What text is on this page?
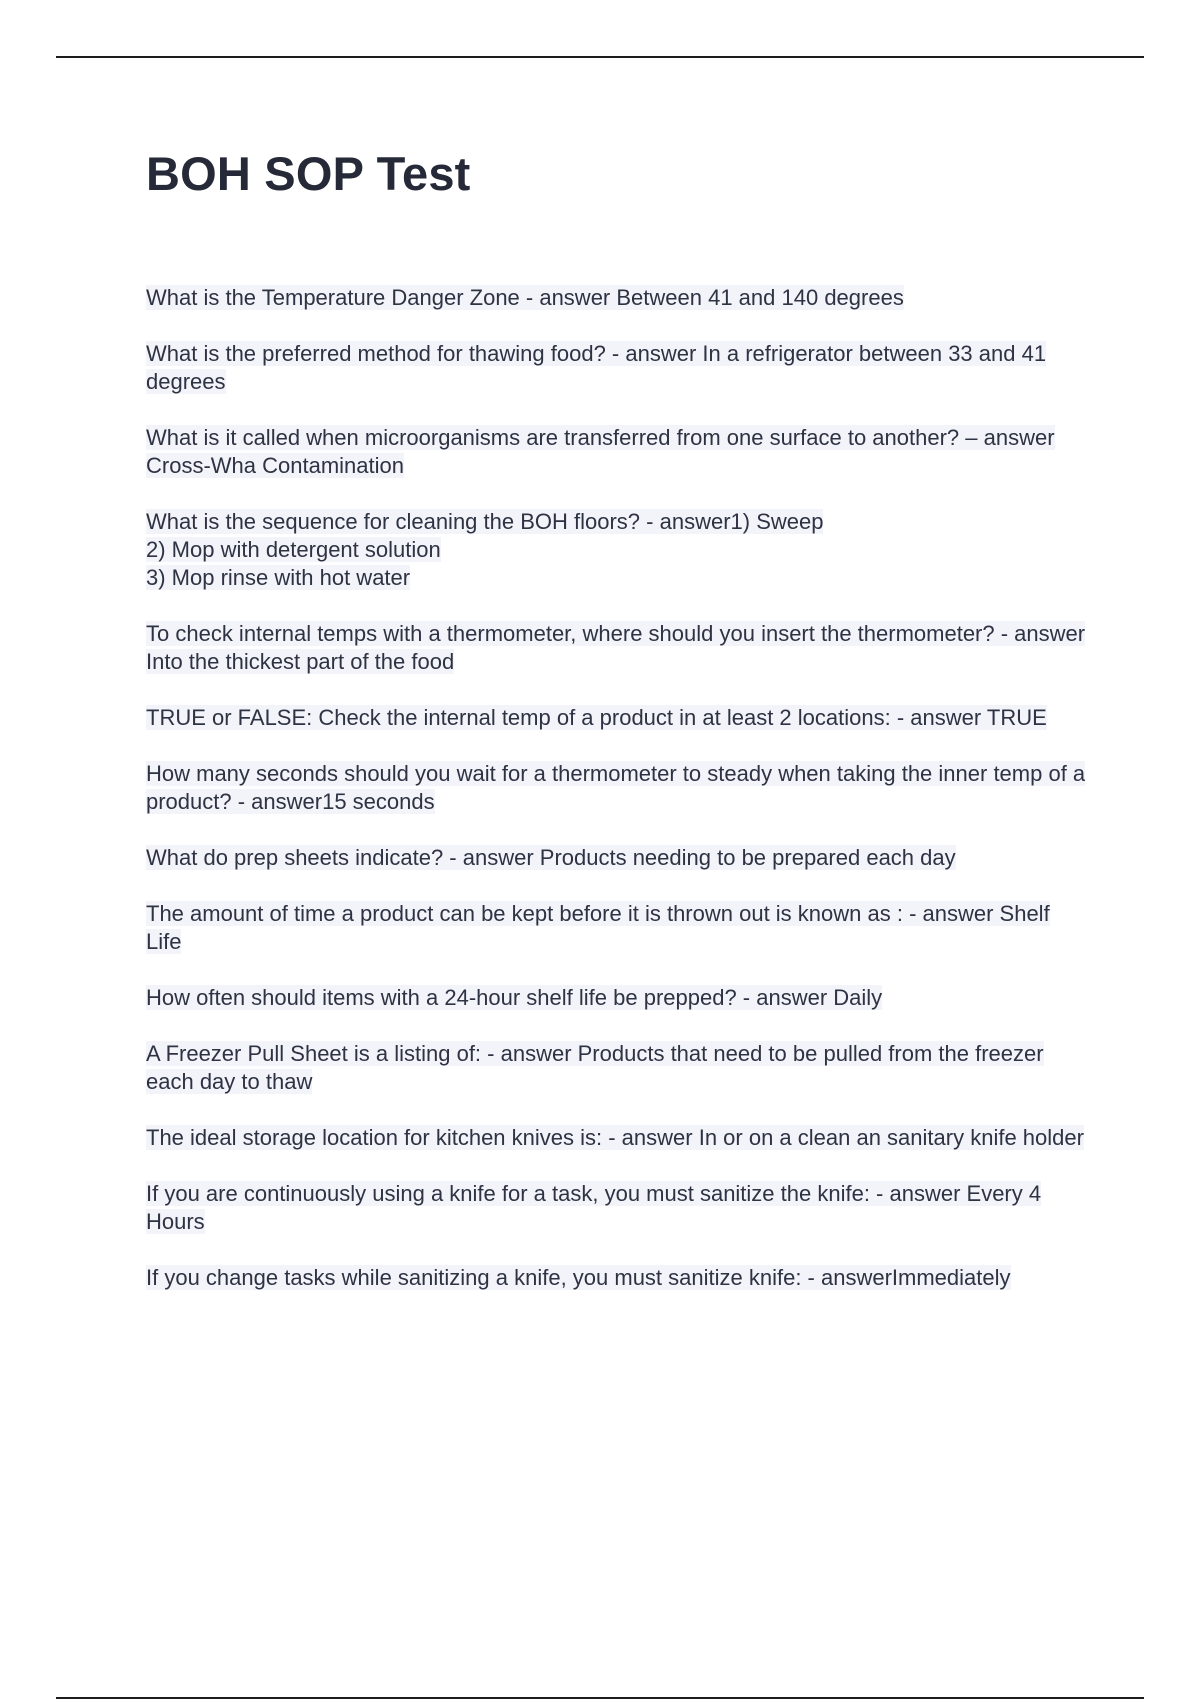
BOH SOP Test
What is the Temperature Danger Zone - answer Between 41 and 140 degrees
What is the preferred method for thawing food? - answer In a refrigerator between 33 and 41 degrees
What is it called when microorganisms are transferred from one surface to another? – answer Cross-Wha Contamination
What is the sequence for cleaning the BOH floors? - answer1) Sweep
2) Mop with detergent solution
3) Mop rinse with hot water
To check internal temps with a thermometer, where should you insert the thermometer? - answer Into the thickest part of the food
TRUE or FALSE: Check the internal temp of a product in at least 2 locations: - answer TRUE
How many seconds should you wait for a thermometer to steady when taking the inner temp of a product? - answer15 seconds
What do prep sheets indicate? - answer Products needing to be prepared each day
The amount of time a product can be kept before it is thrown out is known as : - answer Shelf Life
How often should items with a 24-hour shelf life be prepped? - answer Daily
A Freezer Pull Sheet is a listing of: - answer Products that need to be pulled from the freezer each day to thaw
The ideal storage location for kitchen knives is: - answer In or on a clean an sanitary knife holder
If you are continuously using a knife for a task, you must sanitize the knife: - answer Every 4 Hours
If you change tasks while sanitizing a knife, you must sanitize knife: - answerImmediately
